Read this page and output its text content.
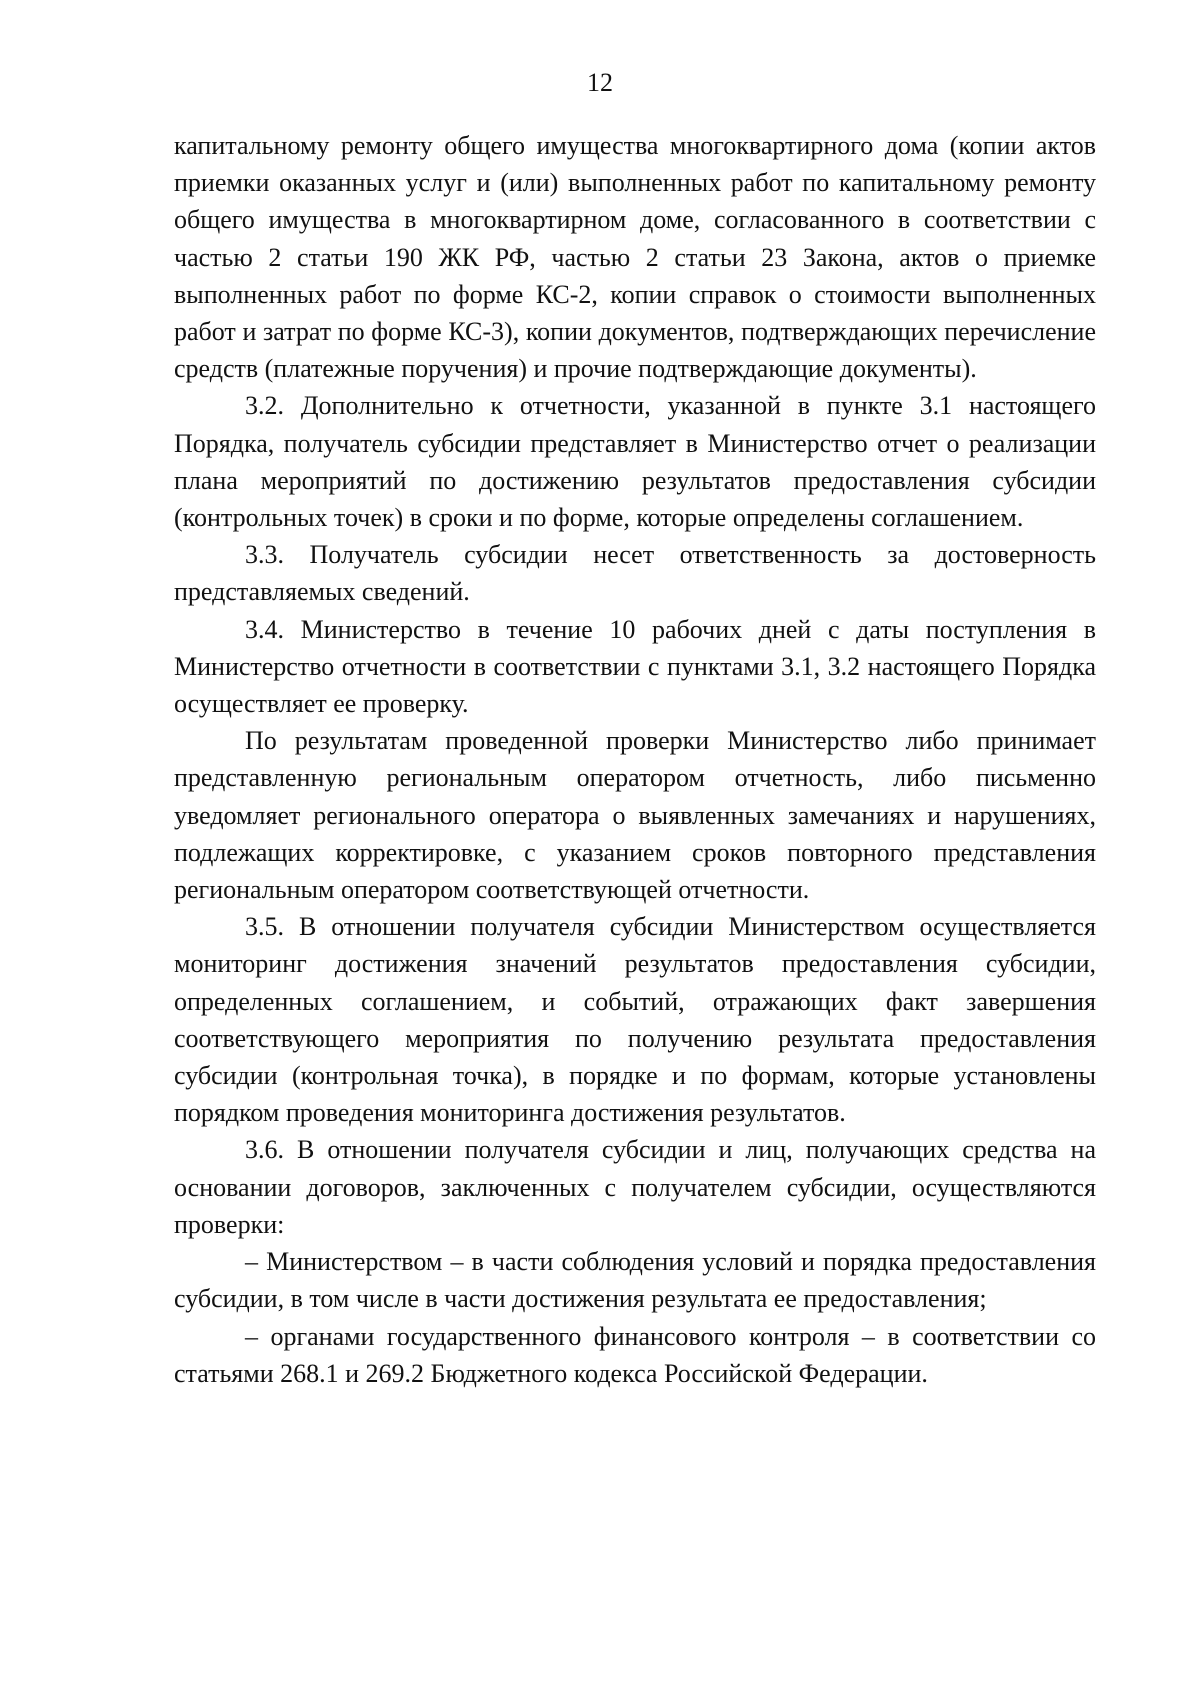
12

капитальному ремонту общего имущества многоквартирного дома (копии актов приемки оказанных услуг и (или) выполненных работ по капитальному ремонту общего имущества в многоквартирном доме, согласованного в соответствии с частью 2 статьи 190 ЖК РФ, частью 2 статьи 23 Закона, актов о приемке выполненных работ по форме КС-2, копии справок о стоимости выполненных работ и затрат по форме КС-3), копии документов, подтверждающих перечисление средств (платежные поручения) и прочие подтверждающие документы).

3.2. Дополнительно к отчетности, указанной в пункте 3.1 настоящего Порядка, получатель субсидии представляет в Министерство отчет о реализации плана мероприятий по достижению результатов предоставления субсидии (контрольных точек) в сроки и по форме, которые определены соглашением.

3.3. Получатель субсидии несет ответственность за достоверность представляемых сведений.

3.4. Министерство в течение 10 рабочих дней с даты поступления в Министерство отчетности в соответствии с пунктами 3.1, 3.2 настоящего Порядка осуществляет ее проверку.

По результатам проведенной проверки Министерство либо принимает представленную региональным оператором отчетность, либо письменно уведомляет регионального оператора о выявленных замечаниях и нарушениях, подлежащих корректировке, с указанием сроков повторного представления региональным оператором соответствующей отчетности.

3.5. В отношении получателя субсидии Министерством осуществляется мониторинг достижения значений результатов предоставления субсидии, определенных соглашением, и событий, отражающих факт завершения соответствующего мероприятия по получению результата предоставления субсидии (контрольная точка), в порядке и по формам, которые установлены порядком проведения мониторинга достижения результатов.

3.6. В отношении получателя субсидии и лиц, получающих средства на основании договоров, заключенных с получателем субсидии, осуществляются проверки:

– Министерством – в части соблюдения условий и порядка предоставления субсидии, в том числе в части достижения результата ее предоставления;

– органами государственного финансового контроля – в соответствии со статьями 268.1 и 269.2 Бюджетного кодекса Российской Федерации.
